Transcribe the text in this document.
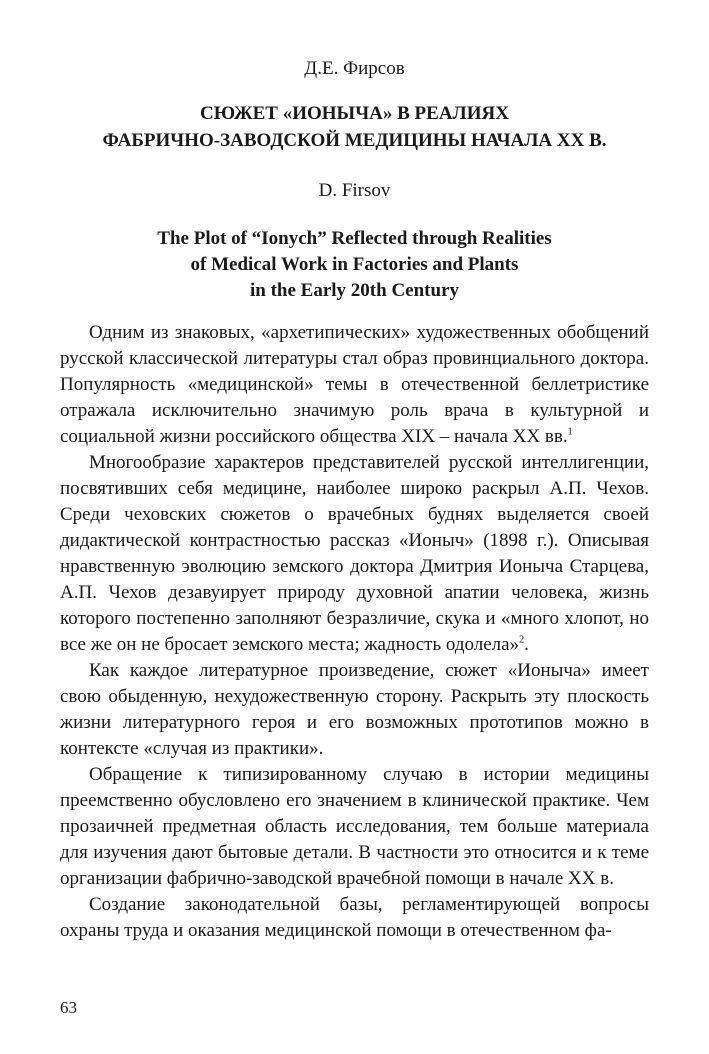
Д.Е. Фирсов
СЮЖЕТ «ИОНЫЧА» В РЕАЛИЯХ
ФАБРИЧНО-ЗАВОДСКОЙ МЕДИЦИНЫ НАЧАЛА XX В.
D. Firsov
The Plot of “Ionych” Reflected through Realities
of Medical Work in Factories and Plants
in the Early 20th Century

Одним из знаковых, «архетипических» художественных обобщений русской классической литературы стал образ провинциального доктора. Популярность «медицинской» темы в отечественной беллетристике отражала исключительно значимую роль врача в культурной и социальной жизни российского общества XIX – начала XX вв.$^1$

Многообразие характеров представителей русской интеллигенции, посвятивших себя медицине, наиболее широко раскрыл А.П. Чехов. Среди чеховских сюжетов о врачебных буднях выделяется своей дидактической контрастностью рассказ «Ионыч» (1898 г.). Описывая нравственную эволюцию земского доктора Дмитрия Ионыча Старцева, А.П. Чехов дезавуирует природу духовной апатии человека, жизнь которого постепенно заполняют безразличие, скука и «много хлопот, но все же он не бросает земского места; жадность одолела»$^2$.

Как каждое литературное произведение, сюжет «Ионыча» имеет свою обыденную, нехудожественную сторону. Раскрыть эту плоскость жизни литературного героя и его возможных прототипов можно в контексте «случая из практики».

Обращение к типизированному случаю в истории медицины преемственно обусловлено его значением в клинической практике. Чем прозаичней предметная область исследования, тем больше материала для изучения дают бытовые детали. В частности это относится и к теме организации фабрично-заводской врачебной помощи в начале XX в.

Создание законодательной базы, регламентирующей вопросы охраны труда и оказания медицинской помощи в отечественном фа-

63
